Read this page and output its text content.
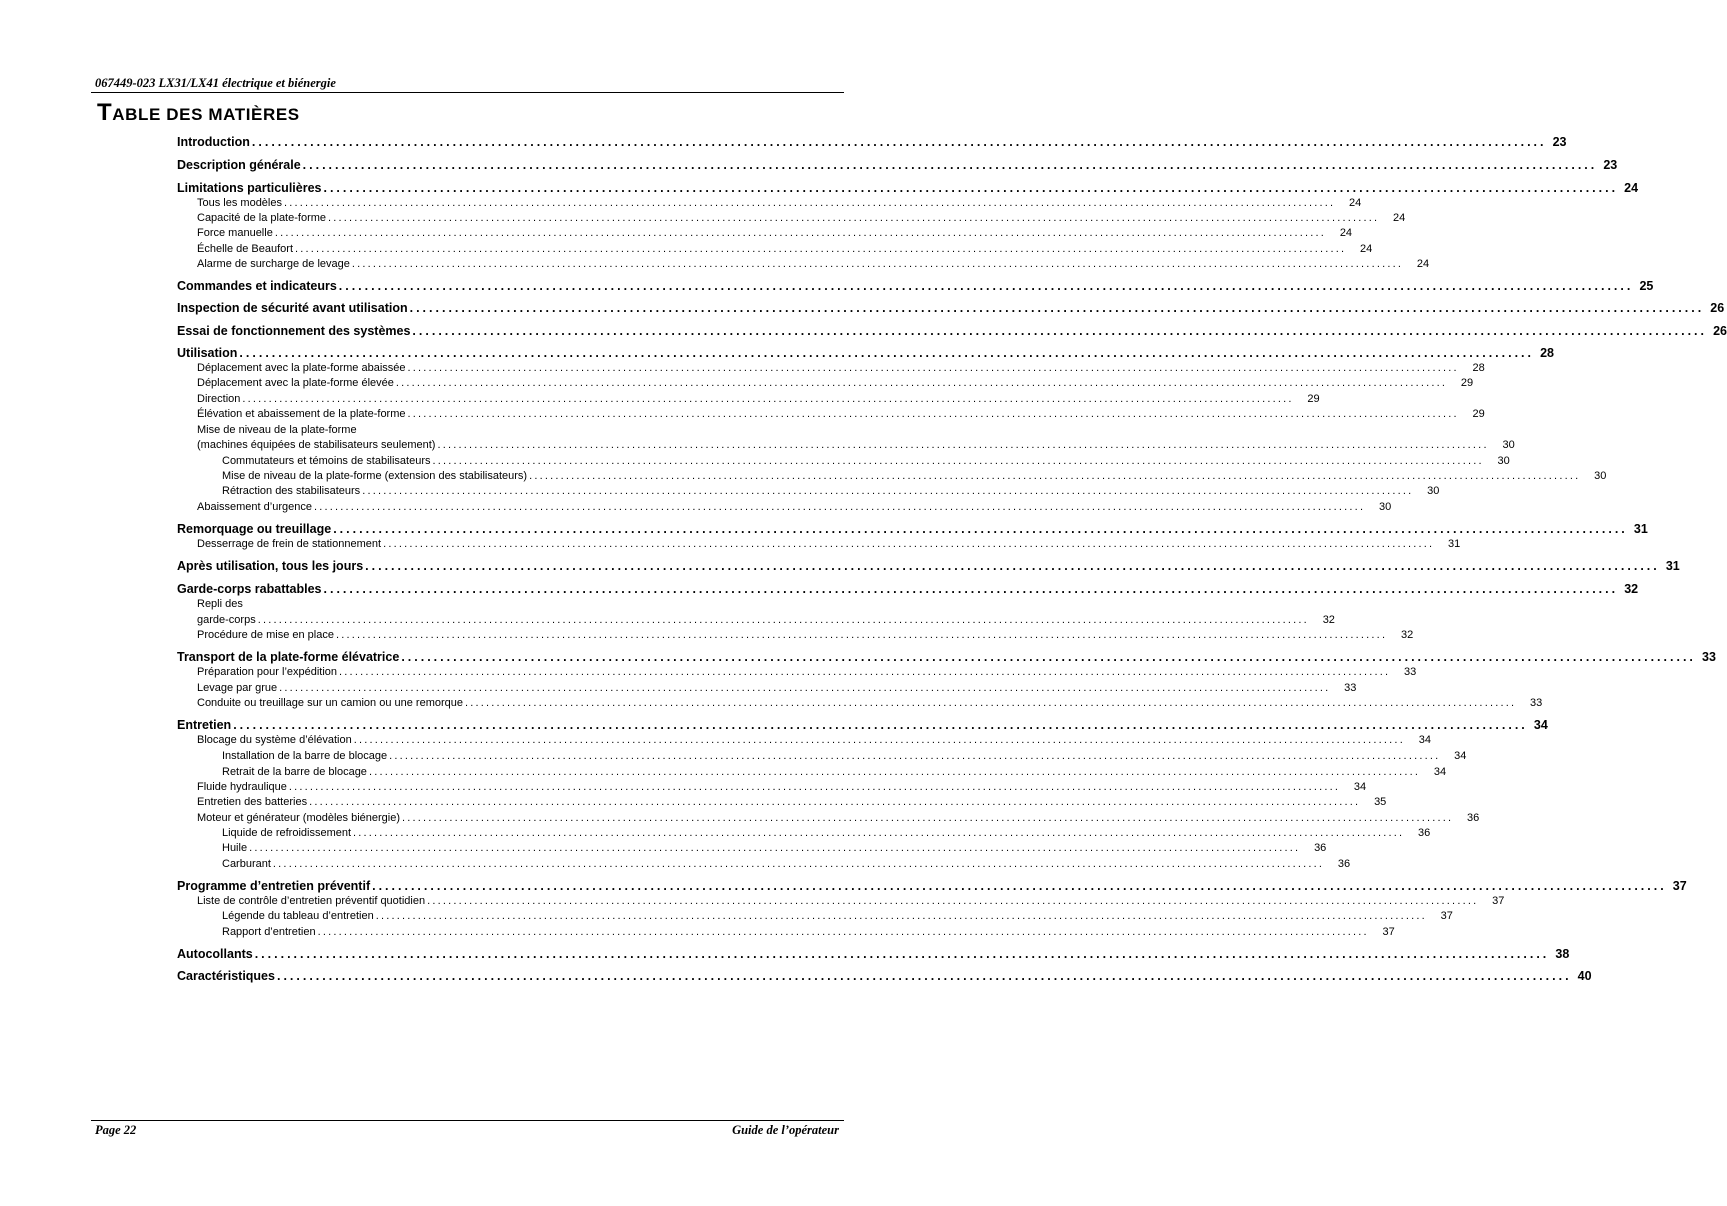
067449-023 LX31/LX41 électrique et biénergie
TABLE DES MATIÈRES
Introduction ........................................................................................................................................................................................................ 23
Description générale ........................................................................................................................................................................................................ 23
Limitations particulières ........................................................................................................................................................................................................ 24
Tous les modèles ........................................................................................................................................................................................................	24
Capacité de la plate-forme ........................................................................................................................................................................................................	24
Force manuelle ........................................................................................................................................................................................................	24
Échelle de Beaufort ........................................................................................................................................................................................................	24
Alarme de surcharge de levage ........................................................................................................................................................................................................	24
Commandes et indicateurs ........................................................................................................................................................................................................ 25
Inspection de sécurité avant utilisation ........................................................................................................................................................................................................ 26
Essai de fonctionnement des systèmes ........................................................................................................................................................................................................ 26
Utilisation ........................................................................................................................................................................................................ 28
Déplacement avec la plate-forme abaissée ........................................................................................................................................................................................................	28
Déplacement avec la plate-forme élevée ........................................................................................................................................................................................................	29
Direction ........................................................................................................................................................................................................	29
Élévation et abaissement de la plate-forme ........................................................................................................................................................................................................	29
Mise de niveau de la plate-forme
(machines équipées de stabilisateurs seulement) ........................................................................................................................................................................................................	30
Commutateurs et témoins de stabilisateurs ........................................................................................................................................................................................................	30
Mise de niveau de la plate-forme (extension des stabilisateurs) ........................................................................................................................................................................................................	30
Rétraction des stabilisateurs ........................................................................................................................................................................................................	30
Abaissement d’urgence ........................................................................................................................................................................................................	30
Remorquage ou treuillage ........................................................................................................................................................................................................ 31
Desserrage de frein de stationnement ........................................................................................................................................................................................................	31
Après utilisation, tous les jours ........................................................................................................................................................................................................ 31
Garde-corps rabattables ........................................................................................................................................................................................................ 32
Repli des
garde-corps ........................................................................................................................................................................................................	32
Procédure de mise en place ........................................................................................................................................................................................................	32
Transport de la plate-forme élévatrice ........................................................................................................................................................................................................ 33
Préparation pour l’expédition ........................................................................................................................................................................................................	33
Levage par grue ........................................................................................................................................................................................................	33
Conduite ou treuillage sur un camion ou une remorque ........................................................................................................................................................................................................	33
Entretien ........................................................................................................................................................................................................ 34
Blocage du système d’élévation ........................................................................................................................................................................................................	34
Installation de la barre de blocage ........................................................................................................................................................................................................	34
Retrait de la barre de blocage ........................................................................................................................................................................................................	34
Fluide hydraulique ........................................................................................................................................................................................................	34
Entretien des batteries ........................................................................................................................................................................................................	35
Moteur et générateur (modèles biénergie) ........................................................................................................................................................................................................	36
Liquide de refroidissement ........................................................................................................................................................................................................	36
Huile ........................................................................................................................................................................................................	36
Carburant ........................................................................................................................................................................................................	36
Programme d’entretien préventif ........................................................................................................................................................................................................ 37
Liste de contrôle d’entretien préventif quotidien ........................................................................................................................................................................................................	37
Légende du tableau d’entretien ........................................................................................................................................................................................................	37
Rapport d’entretien ........................................................................................................................................................................................................	37
Autocollants ........................................................................................................................................................................................................ 38
Caractéristiques ........................................................................................................................................................................................................ 40
Page 22	Guide de l’opérateur
